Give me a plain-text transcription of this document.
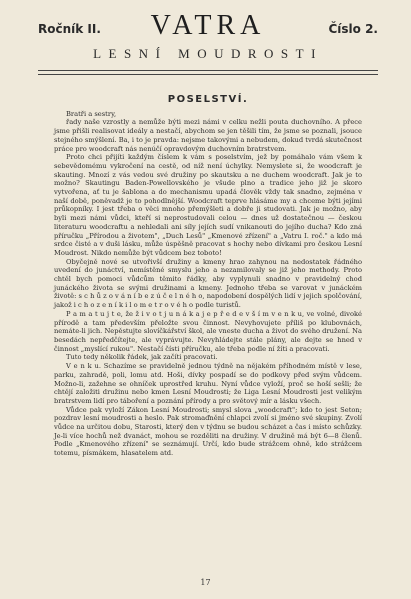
Ročník II.	VATRA	Číslo 2.
LESNÍ MOUDROSTI
POSELSTVÍ.

Bratři a sestry,

řady naše vzrostly a nemůže býti mezi námi v celku nežli pouta duchovního. A přece jsme přišli realisovat ideály a nestačí, abychom se jen těšili tím, že jsme se poznali, jsouce stejného smýšlení. Ba, i to je pravda: nejsme takovými a nebudem, dokud tvrdá skutečnost práce pro woodcraft nás nenúčí opravdovým duchovním bratrstvem.

Proto chci přijíti každým číslem k vám s poselstvím, jež by pomáhalo vám všem k sebevědomému vykročení na cestě, od níž není úchylky. Nemyslete si, že woodcraft je skauting. Mnozí z vás vedou své družiny po skautsku a ne duchem woodcraft. Jak je to možno? Skautingu Baden-Powellovského je všude plno a tradice jeho již je skoro vytvořena, ať tu je šablona a do mechanismu upadá člověk vždy tak snadno, zejména v naší době, poněvadž je to pohodlnější. Woodcraft teprve hlásáme my a chceme býti jejími průkopníky. I jest třeba o věci mnoho přemýšleti a dobře ji studovati. Jak je možno, aby byli mezi námi vůdci, kteří si neprostudovali celou — dnes už dostatečnou — českou literaturu woodcraftu a nehledali ani síly jejích sudí vnikanouti do jejího ducha? Kdo zná příručku „Přírodou a životem", „Duch Lesů" „Kmenové zřízení" a „Vatru I. roč." a kdo má srdce čisté a v duši lásku, může úspěšně pracovat s hochy nebo dívkami pro českou Lesní Moudrost. Nikdo nemůže být vůdcem bez toboto!

Obyčejně nové se utvořivší družiny a kmeny hrao zahynou na nedostatek řádného uvedení do junáctví, nemístěné smyslu jeho a nezamilovaly se již jeho methody. Proto chtěl bych pomoci vůdcům těmito řádky, aby vyplynuli snadno v pravidelný chod junáckého života se svými družinami a kmeny. Jednoho třeba se varovat v junáckém životě: s c h ů z o v á n í b e z ú č e l n é h o, napodobení dospělých lidí v jejich spolčování, jakož i c h o z e n í k i l o m e t r o v é h o podle turistů.

P a m a t u j t e, že ž i v o t j u n á k a j e p ř e d e v š í m v e n k u, ve volné, divoké přírodě a tam především přeložte svou činnost. Nevyhovujete příliš po klubovnách, nemáte-li jich. Nepěstujte slovíčkářství škol, ale vneste ducha a život do svého družení. Na besedách nepředčítejte, ale vyprávujte. Nevyhládejte stále plány, ale dejte se hned v činnost „myslící rukou". Nestačí čísti příručku, ale třeba podle ní žíti a pracovati.

Tuto tedy několik řádek, jak začíti pracovati.

V e n k u. Schazíme se pravidelně jednou týdně na nějakém příhodném místě v lese, parku, zahradě, poli, lomu atd. Hoši, dívky pospadí se do podkovy před svým vůdcem. Možno-li, zažehne se ohníček uprostřed kruhu. Nyní vůdce vyloží, proč se hoší sešli; že chtějí založiti družinu nebo kmen Lesní Moudrosti; že Liga Lesní Moudrosti jest velikým bratrstvem lidí pro táboření a poznání přírody a pro světový mír a lásku všech.

Vůdce pak vyloží Zákon Lesní Moudrosti; smysl slova „woodcraft"; kdo to jest Seton; pozdrav lesní moudrosti a heslo. Pak stromaďnění chlapci zvolí si jméno své skupiny. Zvolí vůdce na určitou dobu, Starosti, který den v týdnu se budou scházet a čas i místo schůzky. Je-li více hochů než dvanáct, mohou se rozděliti na družiny. V družině má být 6—8 členů. Podle „Kmenového zřízení" se seznámují. Určí, kdo bude strážcem ohně, kdo strážcem totemu, písmákem, hlasatelem atd.

17
